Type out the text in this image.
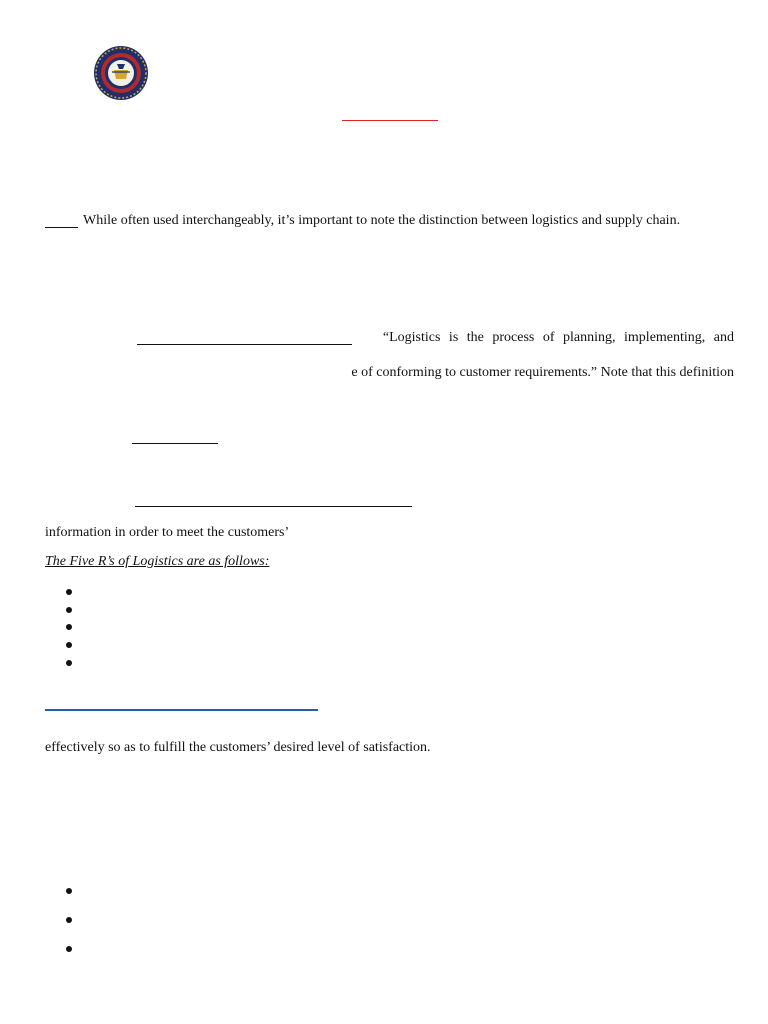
While often used interchangeably, it’s important to note the distinction between logistics and supply chain.
“Logistics is the process of planning, implementing, and
e of conforming to customer requirements.” Note that this definition
information in order to meet the customers’
The Five R’s of Logistics are as follows:
effectively so as to fulfill the customers’ desired level of satisfaction.
